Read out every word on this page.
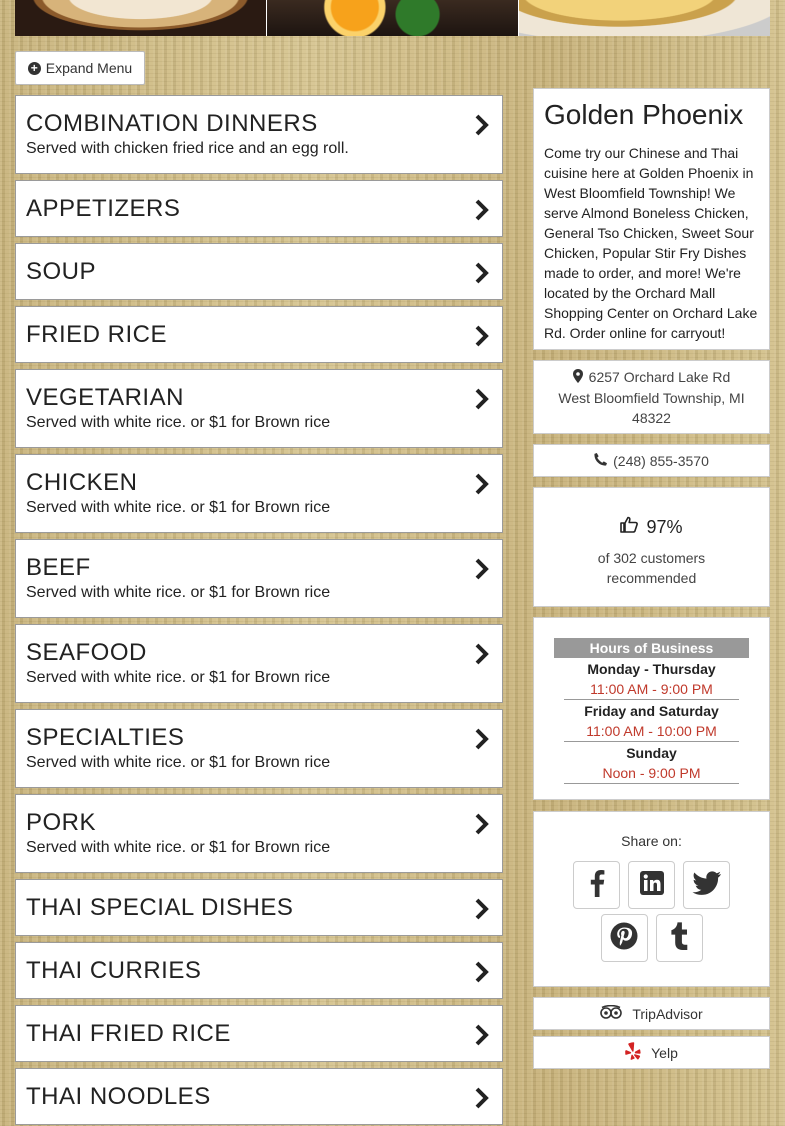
+ Expand Menu
COMBINATION DINNERS
Served with chicken fried rice and an egg roll.
APPETIZERS
SOUP
FRIED RICE
VEGETARIAN
Served with white rice. or $1 for Brown rice
CHICKEN
Served with white rice. or $1 for Brown rice
BEEF
Served with white rice. or $1 for Brown rice
SEAFOOD
Served with white rice. or $1 for Brown rice
SPECIALTIES
Served with white rice. or $1 for Brown rice
PORK
Served with white rice. or $1 for Brown rice
THAI SPECIAL DISHES
THAI CURRIES
THAI FRIED RICE
THAI NOODLES
Golden Phoenix

Come try our Chinese and Thai cuisine here at Golden Phoenix in West Bloomfield Township! We serve Almond Boneless Chicken, General Tso Chicken, Sweet Sour Chicken, Popular Stir Fry Dishes made to order, and more! We're located by the Orchard Mall Shopping Center on Orchard Lake Rd. Order online for carryout!

6257 Orchard Lake Rd
West Bloomfield Township, MI
48322
(248) 855-3570
97%
of 302 customers
recommended
Hours of Business
Monday - Thursday
11:00 AM - 9:00 PM
Friday and Saturday
11:00 AM - 10:00 PM
Sunday
Noon - 9:00 PM
Share on:
TripAdvisor
Yelp
